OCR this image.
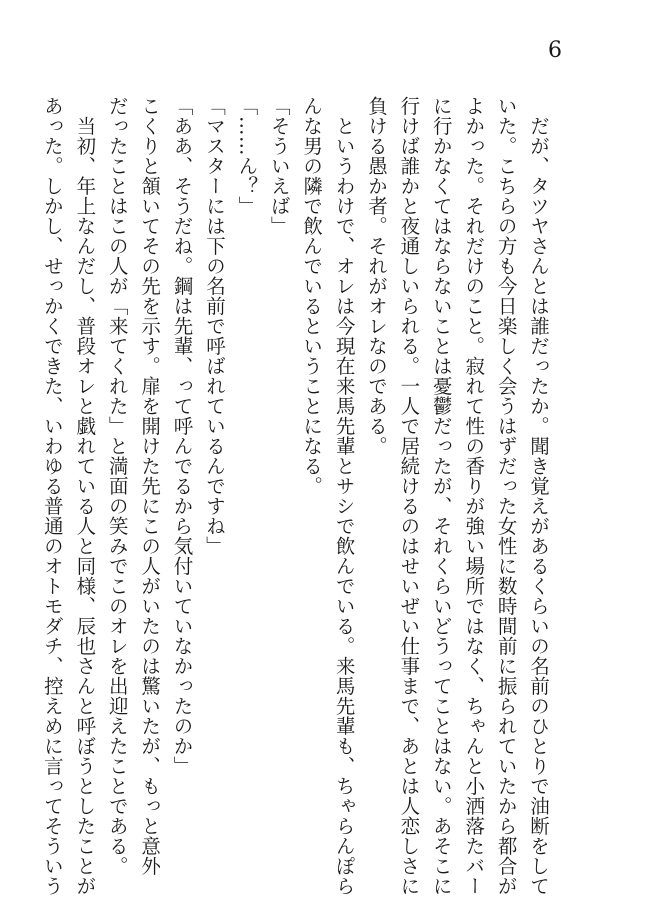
6

　だが、タツヤさんとは誰だったか。聞き覚えがあるくらいの名前のひとりで油断をして

いた。こちらの方も今日楽しく会うはずだった女性に数時間前に振られていたから都合が

よかった。それだけのこと。寂れて性の香りが強い場所ではなく、ちゃんと小洒落たバー

に行かなくてはならないことは憂鬱だったが、それくらいどうってことはない。あそこに

行けば誰かと夜通しいられる。一人で居続けるのはせいぜい仕事まで、あとは人恋しさに

負ける愚か者。それがオレなのである。

　というわけで、オレは今現在来馬先輩とサシで飲んでいる。来馬先輩も、ちゃらんぽら

んな男の隣で飲んでいるということになる。

「そういえば」

「……ん？」

「マスターには下の名前で呼ばれているんですね」

「ああ、そうだね。鋼は先輩、って呼んでるから気付いていなかったのか」

こくりと頷いてその先を示す。扉を開けた先にこの人がいたのは驚いたが、もっと意外

だったことはこの人が「来てくれた」と満面の笑みでこのオレを出迎えたことである。

　当初、年上なんだし、普段オレと戯れている人と同様、辰也さんと呼ぼうとしたことが

あった。しかし、せっかくできた、いわゆる普通のオトモダチ、控えめに言ってそういう
